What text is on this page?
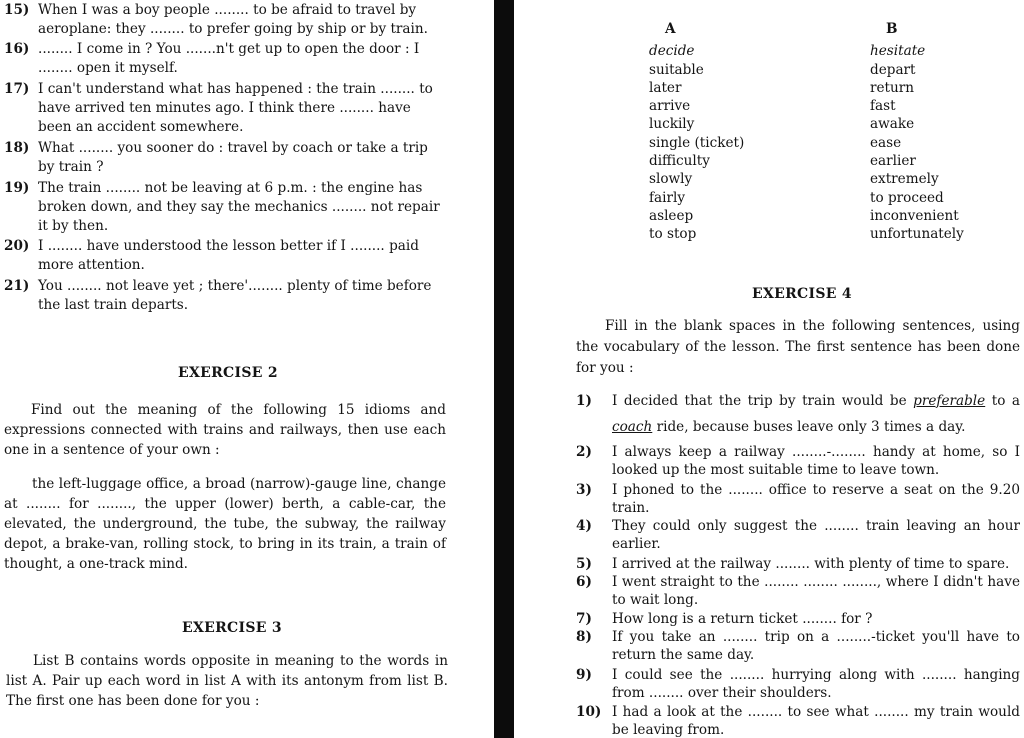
15) When I was a boy people ........ to be afraid to travel by aeroplane: they ........ to prefer going by ship or by train.
16) ........ I come in ? You .......n't get up to open the door : I ........ open it myself.
17) I can't understand what has happened : the train ........ to have arrived ten minutes ago. I think there ........ have been an accident somewhere.
18) What ........ you sooner do : travel by coach or take a trip by train ?
19) The train ........ not be leaving at 6 p.m. : the engine has broken down, and they say the mechanics ........ not repair it by then.
20) I ........ have understood the lesson better if I ........ paid more attention.
21) You ........ not leave yet ; there'........ plenty of time before the last train departs.
EXERCISE 2
Find out the meaning of the following 15 idioms and expressions connected with trains and railways, then use each one in a sentence of your own :
the left-luggage office, a broad (narrow)-gauge line, change at ........ for ........, the upper (lower) berth, a cable-car, the elevated, the underground, the tube, the subway, the railway depot, a brake-van, rolling stock, to bring in its train, a train of thought, a one-track mind.
EXERCISE 3
List B contains words opposite in meaning to the words in list A. Pair up each word in list A with its antonym from list B. The first one has been done for you :
A
decide
suitable
later
arrive
luckily
single (ticket)
difficulty
slowly
fairly
asleep
to stop
B
hesitate
depart
return
fast
awake
ease
earlier
extremely
to proceed
inconvenient
unfortunately
EXERCISE 4
Fill in the blank spaces in the following sentences, using the vocabulary of the lesson. The first sentence has been done for you :
1) I decided that the trip by train would be preferable to a coach ride, because buses leave only 3 times a day.
2) I always keep a railway ........-........ handy at home, so I looked up the most suitable time to leave town.
3) I phoned to the ........ office to reserve a seat on the 9.20 train.
4) They could only suggest the ........ train leaving an hour earlier.
5) I arrived at the railway ........ with plenty of time to spare.
6) I went straight to the ........ ........ ........, where I didn't have to wait long.
7) How long is a return ticket ........ for ?
8) If you take an ........ trip on a ........-ticket you'll have to return the same day.
9) I could see the ........ hurrying along with ........ hanging from ........ over their shoulders.
10) I had a look at the ........ to see what ........ my train would be leaving from.
